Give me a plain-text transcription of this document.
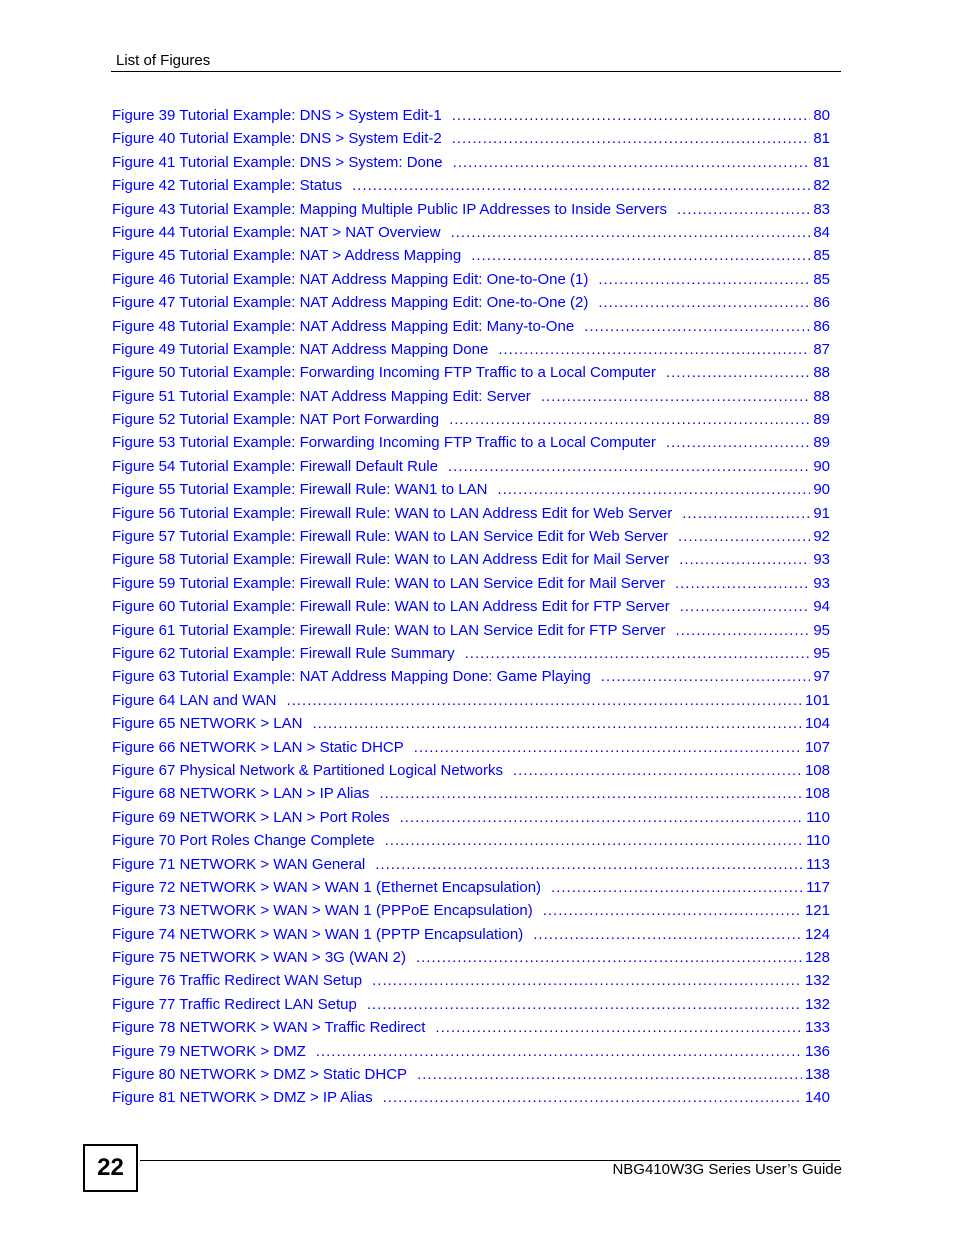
List of Figures
Figure 39 Tutorial Example: DNS > System Edit-1 .....	80
Figure 40 Tutorial Example: DNS > System Edit-2 .....	81
Figure 41 Tutorial Example: DNS > System: Done .....	81
Figure 42 Tutorial Example: Status .....	82
Figure 43 Tutorial Example: Mapping Multiple Public IP Addresses to Inside Servers .....	83
Figure 44 Tutorial Example: NAT > NAT Overview .....	84
Figure 45 Tutorial Example: NAT > Address Mapping .....	85
Figure 46 Tutorial Example: NAT Address Mapping Edit: One-to-One (1) .....	85
Figure 47 Tutorial Example: NAT Address Mapping Edit: One-to-One (2) .....	86
Figure 48 Tutorial Example: NAT Address Mapping Edit: Many-to-One .....	86
Figure 49 Tutorial Example: NAT Address Mapping Done .....	87
Figure 50 Tutorial Example: Forwarding Incoming FTP Traffic to a Local Computer .....	88
Figure 51 Tutorial Example: NAT Address Mapping Edit: Server .....	88
Figure 52 Tutorial Example: NAT Port Forwarding .....	89
Figure 53 Tutorial Example: Forwarding Incoming FTP Traffic to a Local Computer .....	89
Figure 54 Tutorial Example: Firewall Default Rule .....	90
Figure 55 Tutorial Example: Firewall Rule: WAN1 to LAN .....	90
Figure 56 Tutorial Example: Firewall Rule: WAN to LAN Address Edit for Web Server .....	91
Figure 57 Tutorial Example: Firewall Rule: WAN to LAN Service Edit for Web Server .....	92
Figure 58 Tutorial Example: Firewall Rule: WAN to LAN Address Edit for Mail Server .....	93
Figure 59 Tutorial Example: Firewall Rule: WAN to LAN Service Edit for Mail Server .....	93
Figure 60 Tutorial Example: Firewall Rule: WAN to LAN Address Edit for FTP Server .....	94
Figure 61 Tutorial Example: Firewall Rule: WAN to LAN Service Edit for FTP Server .....	95
Figure 62 Tutorial Example: Firewall Rule Summary .....	95
Figure 63 Tutorial Example: NAT Address Mapping Done: Game Playing .....	97
Figure 64 LAN and WAN .....	101
Figure 65 NETWORK > LAN .....	104
Figure 66 NETWORK > LAN > Static DHCP .....	107
Figure 67 Physical Network & Partitioned Logical Networks .....	108
Figure 68 NETWORK > LAN > IP Alias .....	108
Figure 69 NETWORK > LAN > Port Roles .....	110
Figure 70 Port Roles Change Complete .....	110
Figure 71 NETWORK > WAN General .....	113
Figure 72 NETWORK > WAN > WAN 1 (Ethernet Encapsulation) .....	117
Figure 73 NETWORK > WAN > WAN 1 (PPPoE Encapsulation) .....	121
Figure 74 NETWORK > WAN > WAN 1 (PPTP Encapsulation) .....	124
Figure 75 NETWORK > WAN > 3G (WAN 2) .....	128
Figure 76 Traffic Redirect WAN Setup .....	132
Figure 77 Traffic Redirect LAN Setup .....	132
Figure 78 NETWORK > WAN > Traffic Redirect .....	133
Figure 79 NETWORK > DMZ .....	136
Figure 80 NETWORK > DMZ > Static DHCP .....	138
Figure 81 NETWORK > DMZ > IP Alias .....	140
22	NBG410W3G Series User’s Guide
